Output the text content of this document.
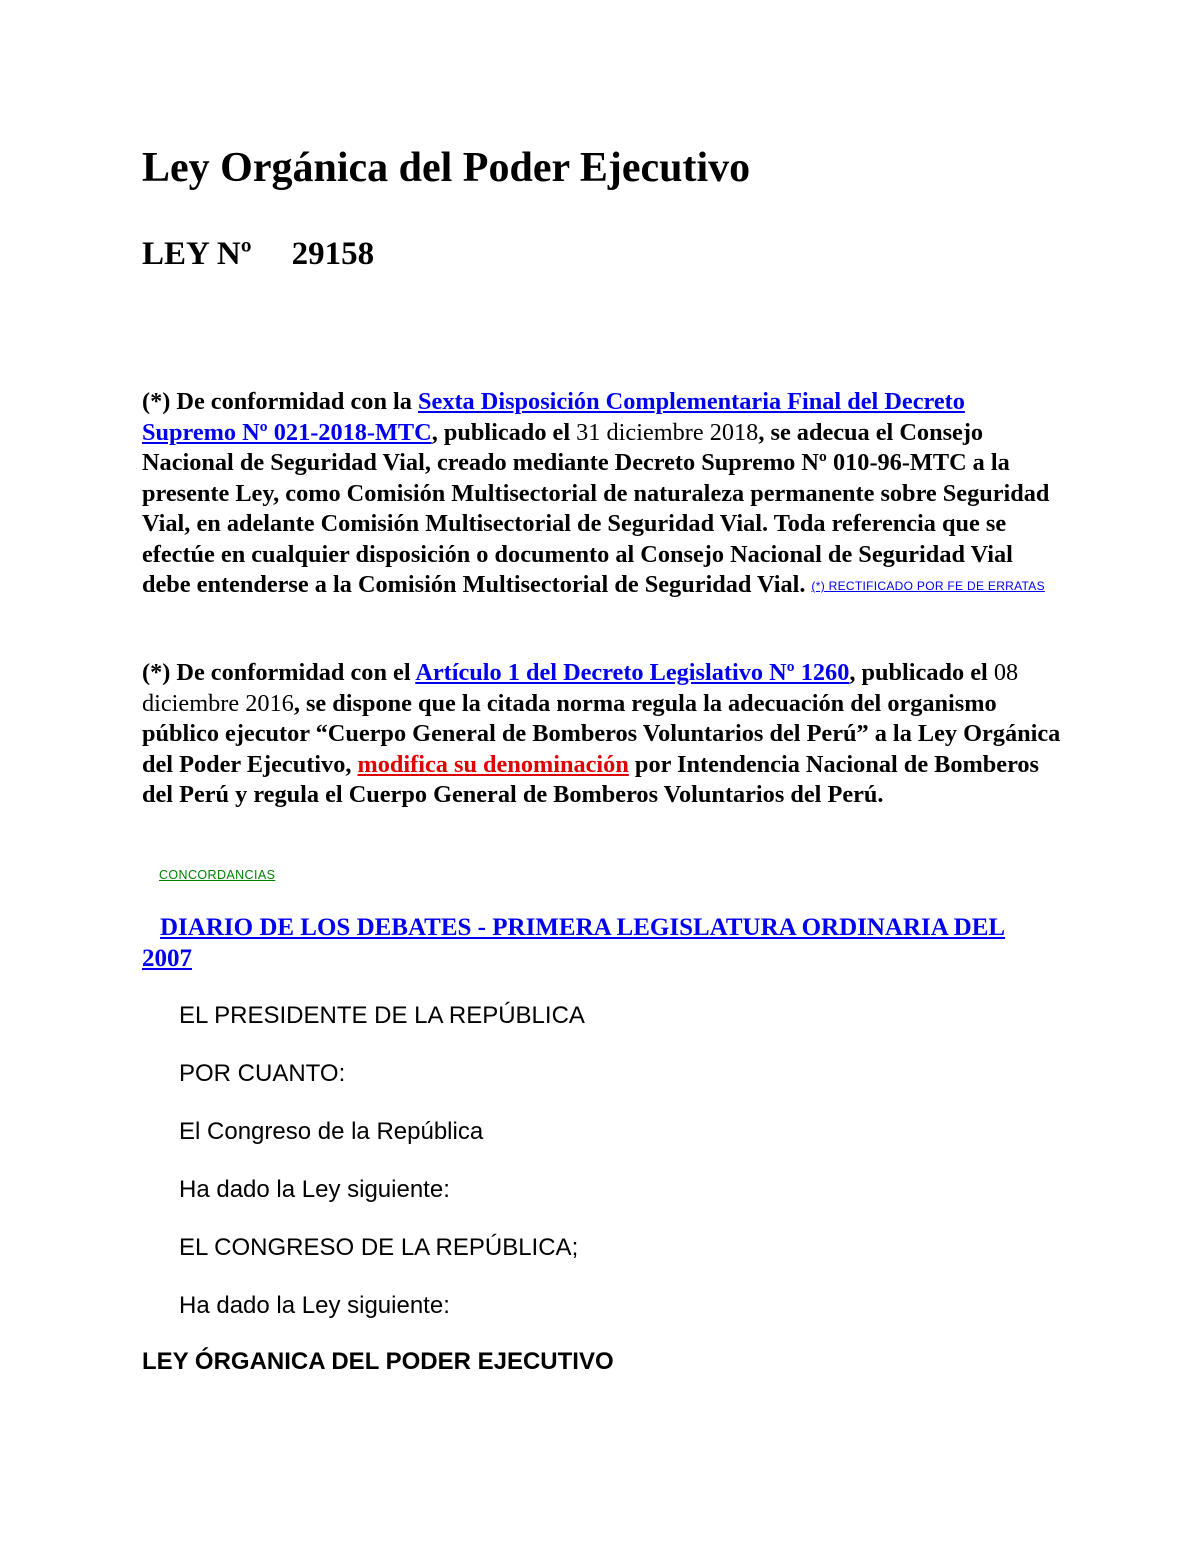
Ley Orgánica del Poder Ejecutivo
LEY Nº 29158

(*) De conformidad con la Sexta Disposición Complementaria Final del Decreto Supremo Nº 021-2018-MTC, publicado el 31 diciembre 2018, se adecua el Consejo Nacional de Seguridad Vial, creado mediante Decreto Supremo Nº 010-96-MTC a la presente Ley, como Comisión Multisectorial de naturaleza permanente sobre Seguridad Vial, en adelante Comisión Multisectorial de Seguridad Vial. Toda referencia que se efectúe en cualquier disposición o documento al Consejo Nacional de Seguridad Vial debe entenderse a la Comisión Multisectorial de Seguridad Vial. (*) RECTIFICADO POR FE DE ERRATAS

(*) De conformidad con el Artículo 1 del Decreto Legislativo Nº 1260, publicado el 08 diciembre 2016, se dispone que la citada norma regula la adecuación del organismo público ejecutor “Cuerpo General de Bomberos Voluntarios del Perú” a la Ley Orgánica del Poder Ejecutivo, modifica su denominación por Intendencia Nacional de Bomberos del Perú y regula el Cuerpo General de Bomberos Voluntarios del Perú.

CONCORDANCIAS

DIARIO DE LOS DEBATES - PRIMERA LEGISLATURA ORDINARIA DEL 2007

EL PRESIDENTE DE LA REPÚBLICA

POR CUANTO:

El Congreso de la República

Ha dado la Ley siguiente:

EL CONGRESO DE LA REPÚBLICA;

Ha dado la Ley siguiente:

LEY ÓRGANICA DEL PODER EJECUTIVO
